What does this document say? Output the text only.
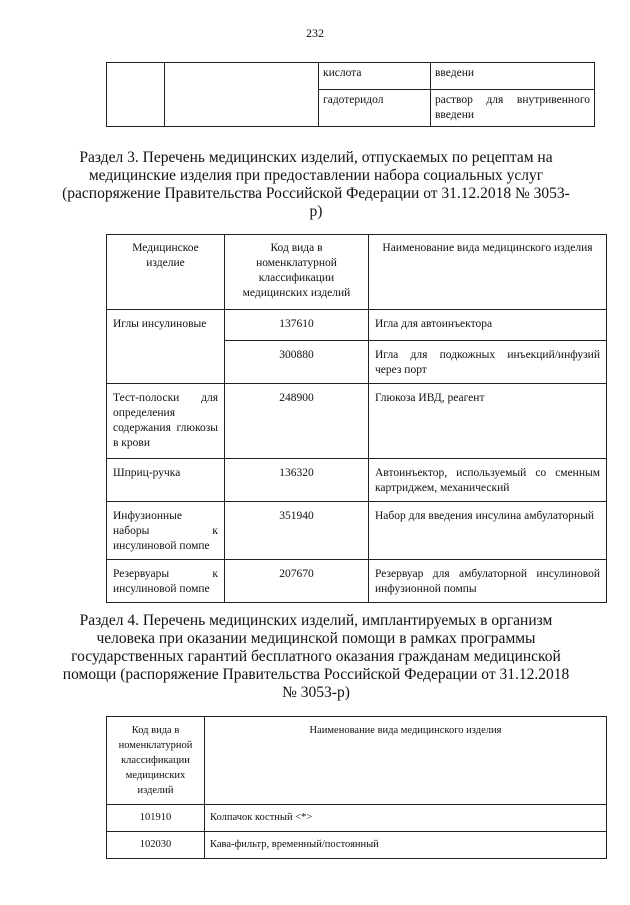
232
		кислота	введени
		гадотеридол	раствор для внутривенного введени
Раздел 3. Перечень медицинских изделий, отпускаемых по рецептам на медицинские изделия при предоставлении набора социальных услуг (распоряжение Правительства Российской Федерации от 31.12.2018 № 3053-р)
Медицинское изделие	Код вида в номенклатурной классификации медицинских изделий	Наименование вида медицинского изделия
Иглы инсулиновые	137610	Игла для автоинъектора
	300880	Игла для подкожных инъекций/инфузий через порт
Тест-полоски для определения содержания глюкозы в крови	248900	Глюкоза ИВД, реагент
Шприц-ручка	136320	Автоинъектор, используемый со сменным картриджем, механический
Инфузионные наборы к инсулиновой помпе	351940	Набор для введения инсулина амбулаторный
Резервуары к инсулиновой помпе	207670	Резервуар для амбулаторной инсулиновой инфузионной помпы
Раздел 4. Перечень медицинских изделий, имплантируемых в организм человека при оказании медицинской помощи в рамках программы государственных гарантий бесплатного оказания гражданам медицинской помощи (распоряжение Правительства Российской Федерации от 31.12.2018 № 3053-р)
Код вида в номенклатурной классификации медицинских изделий	Наименование вида медицинского изделия
101910	Колпачок костный <*>
102030	Кава-фильтр, временный/постоянный
